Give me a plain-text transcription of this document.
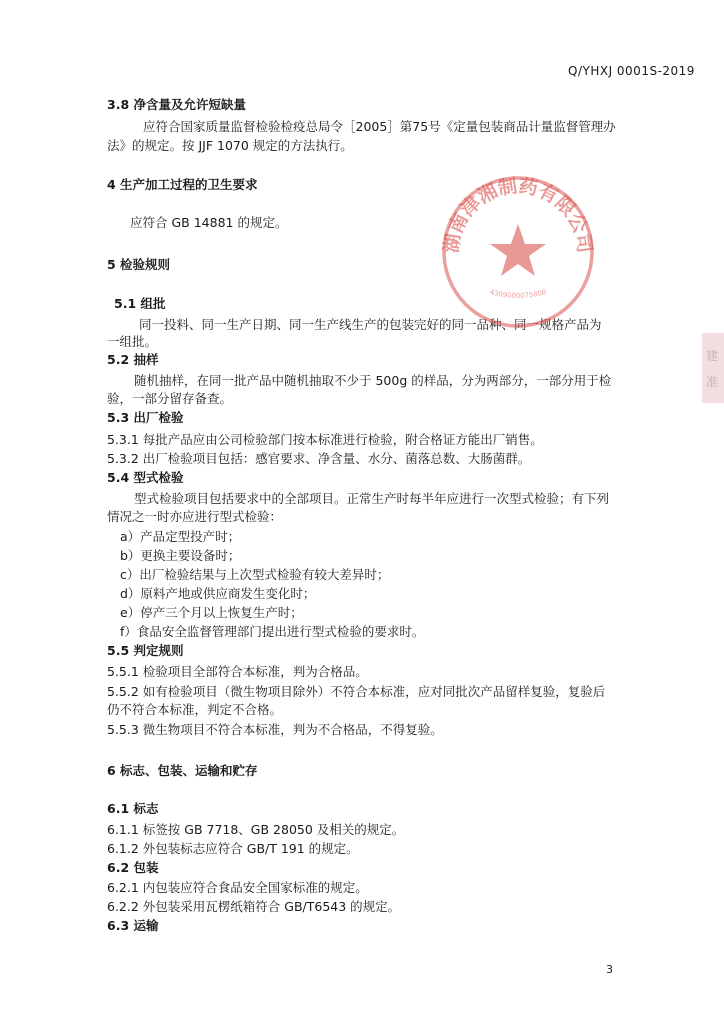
Q/YHXJ 0001S-2019
3.8 净含量及允许短缺量
应符合国家质量监督检验检疫总局令［2005］第75号《定量包装商品计量监督管理办
法》的规定。按 JJF 1070 规定的方法执行。
4 生产加工过程的卫生要求
应符合 GB 14881 的规定。
5 检验规则
5.1 组批
同一投料、同一生产日期、同一生产线生产的包装完好的同一品种、同一规格产品为
一组批。
5.2 抽样
随机抽样，在同一批产品中随机抽取不少于 500g 的样品，分为两部分，一部分用于检
验，一部分留存备查。
5.3 出厂检验
5.3.1 每批产品应由公司检验部门按本标准进行检验，附合格证方能出厂销售。
5.3.2 出厂检验项目包括：感官要求、净含量、水分、菌落总数、大肠菌群。
5.4 型式检验
型式检验项目包括要求中的全部项目。正常生产时每半年应进行一次型式检验；有下列
情况之一时亦应进行型式检验：
a）产品定型投产时；
b）更换主要设备时；
c）出厂检验结果与上次型式检验有较大差异时；
d）原料产地或供应商发生变化时；
e）停产三个月以上恢复生产时；
f）食品安全监督管理部门提出进行型式检验的要求时。
5.5 判定规则
5.5.1 检验项目全部符合本标准，判为合格品。
5.5.2 如有检验项目（微生物项目除外）不符合本标准，应对同批次产品留样复验，复验后
仍不符合本标准，判定不合格。
5.5.3 微生物项目不符合本标准，判为不合格品，不得复验。
6 标志、包装、运输和贮存
6.1 标志
6.1.1 标签按 GB 7718、GB 28050 及相关的规定。
6.1.2 外包装标志应符合 GB/T 191 的规定。
6.2 包装
6.2.1 内包装应符合食品安全国家标准的规定。
6.2.2 外包装采用瓦楞纸箱符合 GB/T6543 的规定。
6.3 运输
3
湖南津湘制药有限公司
4309000075808
建
准
